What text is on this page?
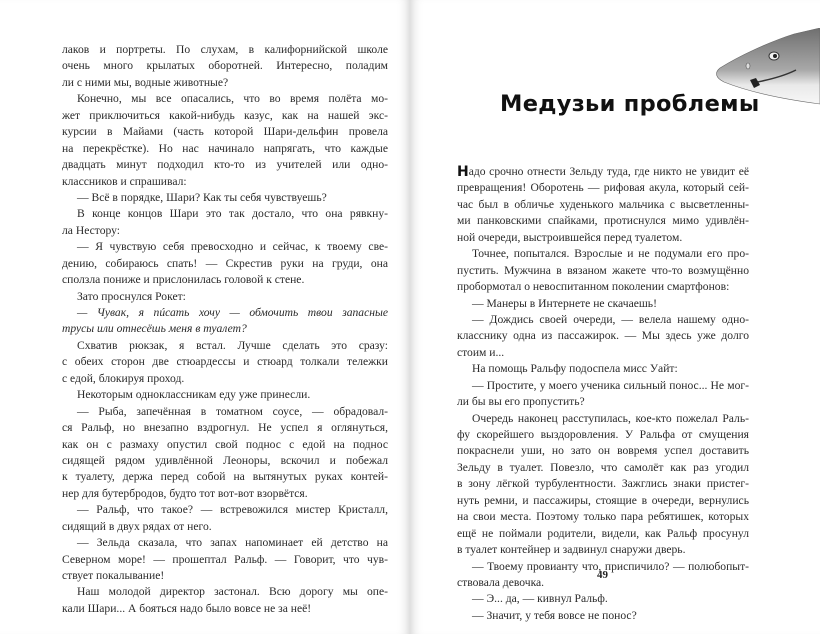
лаков и портреты. По слухам, в калифорнийской школе
очень много крылатых оборотней. Интересно, поладим
ли с ними мы, водные животные?
Конечно, мы все опасались, что во время полёта мо-
жет приключиться какой-нибудь казус, как на нашей экс-
курсии в Майами (часть которой Шари-дельфин провела
на перекрёстке). Но нас начинало напрягать, что каждые
двадцать минут подходил кто-то из учителей или одно-
классников и спрашивал:
— Всё в порядке, Шари? Как ты себя чувствуешь?
В конце концов Шари это так достало, что она рявкну-
ла Нестору:
— Я чувствую себя превосходно и сейчас, к твоему све-
дению, собираюсь спать! — Скрестив руки на груди, она
сползла пониже и прислонилась головой к стене.
Зато проснулся Рокет:
— Чувак, я пúсать хочу — обмочить твои запасные
трусы или отнесёшь меня в туалет?
Схватив рюкзак, я встал. Лучше сделать это сразу:
с обеих сторон две стюардессы и стюард толкали тележки
с едой, блокируя проход.
Некоторым одноклассникам еду уже принесли.
— Рыба, запечённая в томатном соусе, — обрадовал-
ся Ральф, но внезапно вздрогнул. Не успел я оглянуться,
как он с размаху опустил свой поднос с едой на поднос
сидящей рядом удивлённой Леоноры, вскочил и побежал
к туалету, держа перед собой на вытянутых руках контей-
нер для бутербродов, будто тот вот-вот взорвётся.
— Ральф, что такое? — встревожился мистер Кристалл,
сидящий в двух рядах от него.
— Зельда сказала, что запах напоминает ей детство на
Северном море! — прошептал Ральф. — Говорит, что чув-
ствует покалывание!
Наш молодой директор застонал. Всю дорогу мы опе-
кали Шари... А бояться надо было вовсе не за неё!
Медузьи проблемы
Надо срочно отнести Зельду туда, где никто не увидит её
превращения! Оборотень — рифовая акула, который сей-
час был в обличье худенького мальчика с высветленны-
ми панковскими спайками, протиснулся мимо удивлён-
ной очереди, выстроившейся перед туалетом.
Точнее, попытался. Взрослые и не подумали его про-
пустить. Мужчина в вязаном жакете что-то возмущённо
пробормотал о невоспитанном поколении смартфонов:
— Манеры в Интернете не скачаешь!
— Дождись своей очереди, — велела нашему одно-
класснику одна из пассажирок. — Мы здесь уже долго
стоим и...
На помощь Ральфу подоспела мисс Уайт:
— Простите, у моего ученика сильный понос... Не мог-
ли бы вы его пропустить?
Очередь наконец расступилась, кое-кто пожелал Раль-
фу скорейшего выздоровления. У Ральфа от смущения
покраснели уши, но зато он вовремя успел доставить
Зельду в туалет. Повезло, что самолёт как раз угодил
в зону лёгкой турбулентности. Зажглись знаки пристег-
нуть ремни, и пассажиры, стоящие в очереди, вернулись
на свои места. Поэтому только пара ребятишек, которых
ещё не поймали родители, видели, как Ральф просунул
в туалет контейнер и задвинул снаружи дверь.
— Твоему провианту что, приспичило? — полюбопыт-
ствовала девочка.
— Э... да, — кивнул Ральф.
— Значит, у тебя вовсе не понос?
49
